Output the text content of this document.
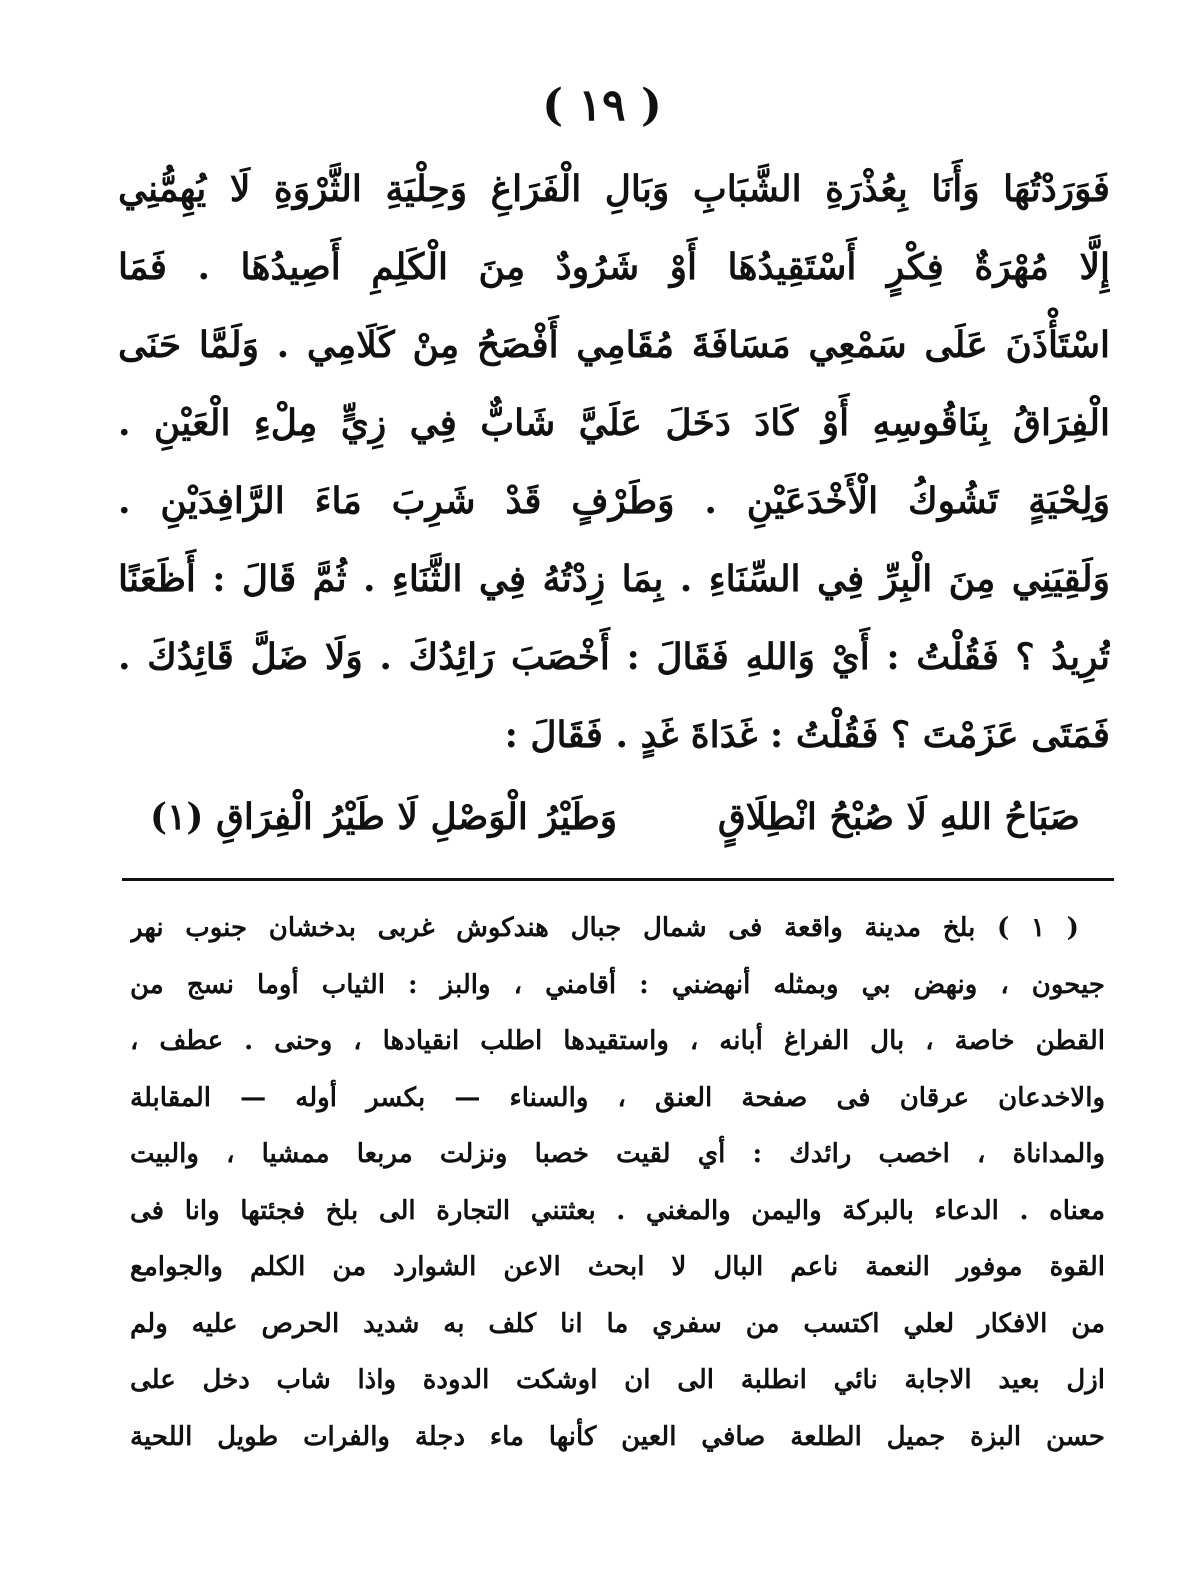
( ١٩ )
فَوَرَدْتُهَا وَأَنَا بِعُذْرَةِ الشَّبَابِ وَبَالِ الْفَرَاغِ وَحِلْيَةِ الثَّرْوَةِ لَا يُهِمُّنِي
إِلَّا مُهْرَةٌ فِكْرٍ أَسْتَقِيدُهَا أَوْ شَرُودٌ مِنَ الْكَلِمِ أَصِيدُهَا . فَمَا
اسْتَأْذَنَ عَلَى سَمْعِي مَسَافَةَ مُقَامِي أَفْصَحُ مِنْ كَلَامِي . وَلَمَّا حَنَى
الْفِرَاقُ بِنَاقُوسِهِ أَوْ كَادَ دَخَلَ عَلَيَّ شَابٌّ فِي زِيٍّ مِلْءِ الْعَيْنِ .
وَلِحْيَةٍ تَشُوكُ الْأَخْدَعَيْنِ . وَطَرْفٍ قَدْ شَرِبَ مَاءَ الرَّافِدَيْنِ .
وَلَقِيَنِي مِنَ الْبِرِّ فِي السِّنَاءِ . بِمَا زِدْتُهُ فِي الثَّنَاءِ . ثُمَّ قَالَ : أَظَعَنًا
تُرِيدُ ؟ فَقُلْتُ : أَيْ وَاللهِ فَقَالَ : أَخْصَبَ رَائِدُكَ . وَلَا ضَلَّ قَائِدُكَ .
فَمَتَى عَزَمْتَ ؟ فَقُلْتُ : غَدَاةَ غَدٍ . فَقَالَ :
صَبَاحُ اللهِ لَا صُبْحُ انْطِلَاقٍ
وَطَيْرُ الْوَصْلِ لَا طَيْرُ الْفِرَاقِ (١)
( ١ ) بلخ مدينة واقعة فى شمال جبال هندكوش غربى بدخشان جنوب نهر
جيحون ، ونهض بي وبمثله أنهضني : أقامني ، والبز : الثياب أوما نسج من
القطن خاصة ، بال الفراغ أبانه ، واستقيدها اطلب انقيادها ، وحنى . عطف ،
والاخدعان عرقان فى صفحة العنق ، والسناء — بكسر أوله — المقابلة
والمداناة ، اخصب رائدك : أي لقيت خصبا ونزلت مربعا ممشيا ، والبيت
معناه . الدعاء بالبركة واليمن والمغني . بعثتني التجارة الى بلخ فجئتها وانا فى
القوة موفور النعمة ناعم البال لا ابحث الاعن الشوارد من الكلم والجوامع
من الافكار لعلي اكتسب من سفري ما انا كلف به شديد الحرص عليه ولم
ازل بعيد الاجابة نائي انطلبة الى ان اوشكت الدودة واذا شاب دخل على
حسن البزة جميل الطلعة صافي العين كأنها ماء دجلة والفرات طويل اللحية
